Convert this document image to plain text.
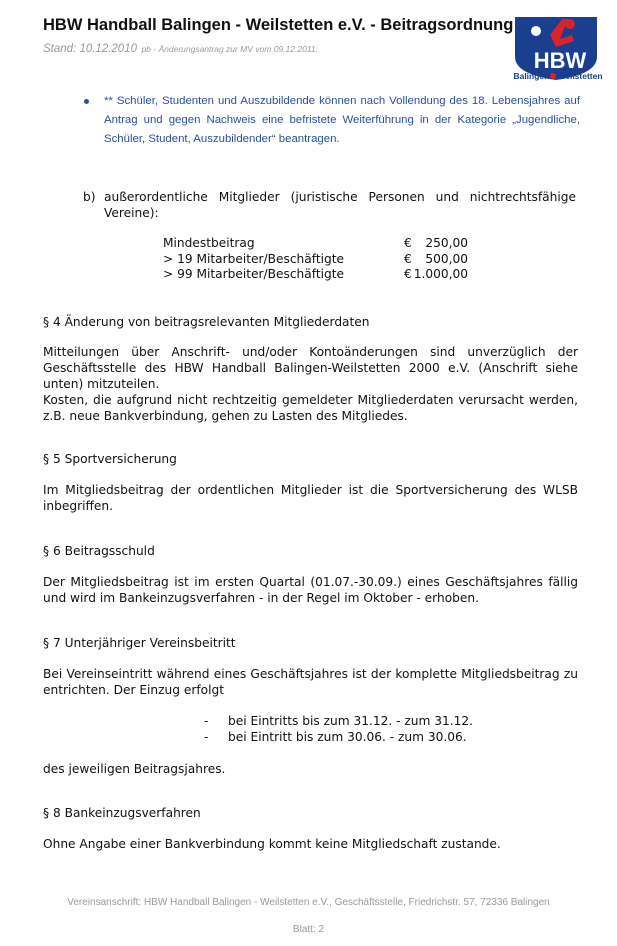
HBW Handball Balingen - Weilstetten e.V. - Beitragsordnung
Stand: 10.12.2010 pb - Änderungsantrag zur MV vom 09.12.2011:	HBW
Balingen Weilstetten
** Schüler, Studenten und Auszubildende können nach Vollendung des 18. Lebensjahres auf Antrag und gegen Nachweis eine befristete Weiterführung in der Kategorie „Jugendliche, Schüler, Student, Auszubildender“ beantragen.
b) außerordentliche Mitglieder (juristische Personen und nichtrechtsfähige Vereine):
Mindestbeitrag	€ 250,00
> 19 Mitarbeiter/Beschäftigte	€ 500,00
> 99 Mitarbeiter/Beschäftigte	€ 1.000,00
§ 4 Änderung von beitragsrelevanten Mitgliederdaten
Mitteilungen über Anschrift- und/oder Kontoänderungen sind unverzüglich der Geschäftsstelle des HBW Handball Balingen-Weilstetten 2000 e.V. (Anschrift siehe unten) mitzuteilen.
Kosten, die aufgrund nicht rechtzeitig gemeldeter Mitgliederdaten verursacht werden, z.B. neue Bankverbindung, gehen zu Lasten des Mitgliedes.
§ 5 Sportversicherung
Im Mitgliedsbeitrag der ordentlichen Mitglieder ist die Sportversicherung des WLSB inbegriffen.
§ 6 Beitragsschuld
Der Mitgliedsbeitrag ist im ersten Quartal (01.07.-30.09.) eines Geschäftsjahres fällig und wird im Bankeinzugsverfahren - in der Regel im Oktober - erhoben.
§ 7 Unterjähriger Vereinsbeitritt
Bei Vereinseintritt während eines Geschäftsjahres ist der komplette Mitgliedsbeitrag zu entrichten. Der Einzug erfolgt
- bei Eintritts bis zum 31.12. - zum 31.12.
- bei Eintritt bis zum 30.06. - zum 30.06.
des jeweiligen Beitragsjahres.
§ 8 Bankeinzugsverfahren
Ohne Angabe einer Bankverbindung kommt keine Mitgliedschaft zustande.
Vereinsanschrift: HBW Handball Balingen - Weilstetten e.V., Geschäftsstelle, Friedrichstr. 57, 72336 Balingen
Blatt: 2
